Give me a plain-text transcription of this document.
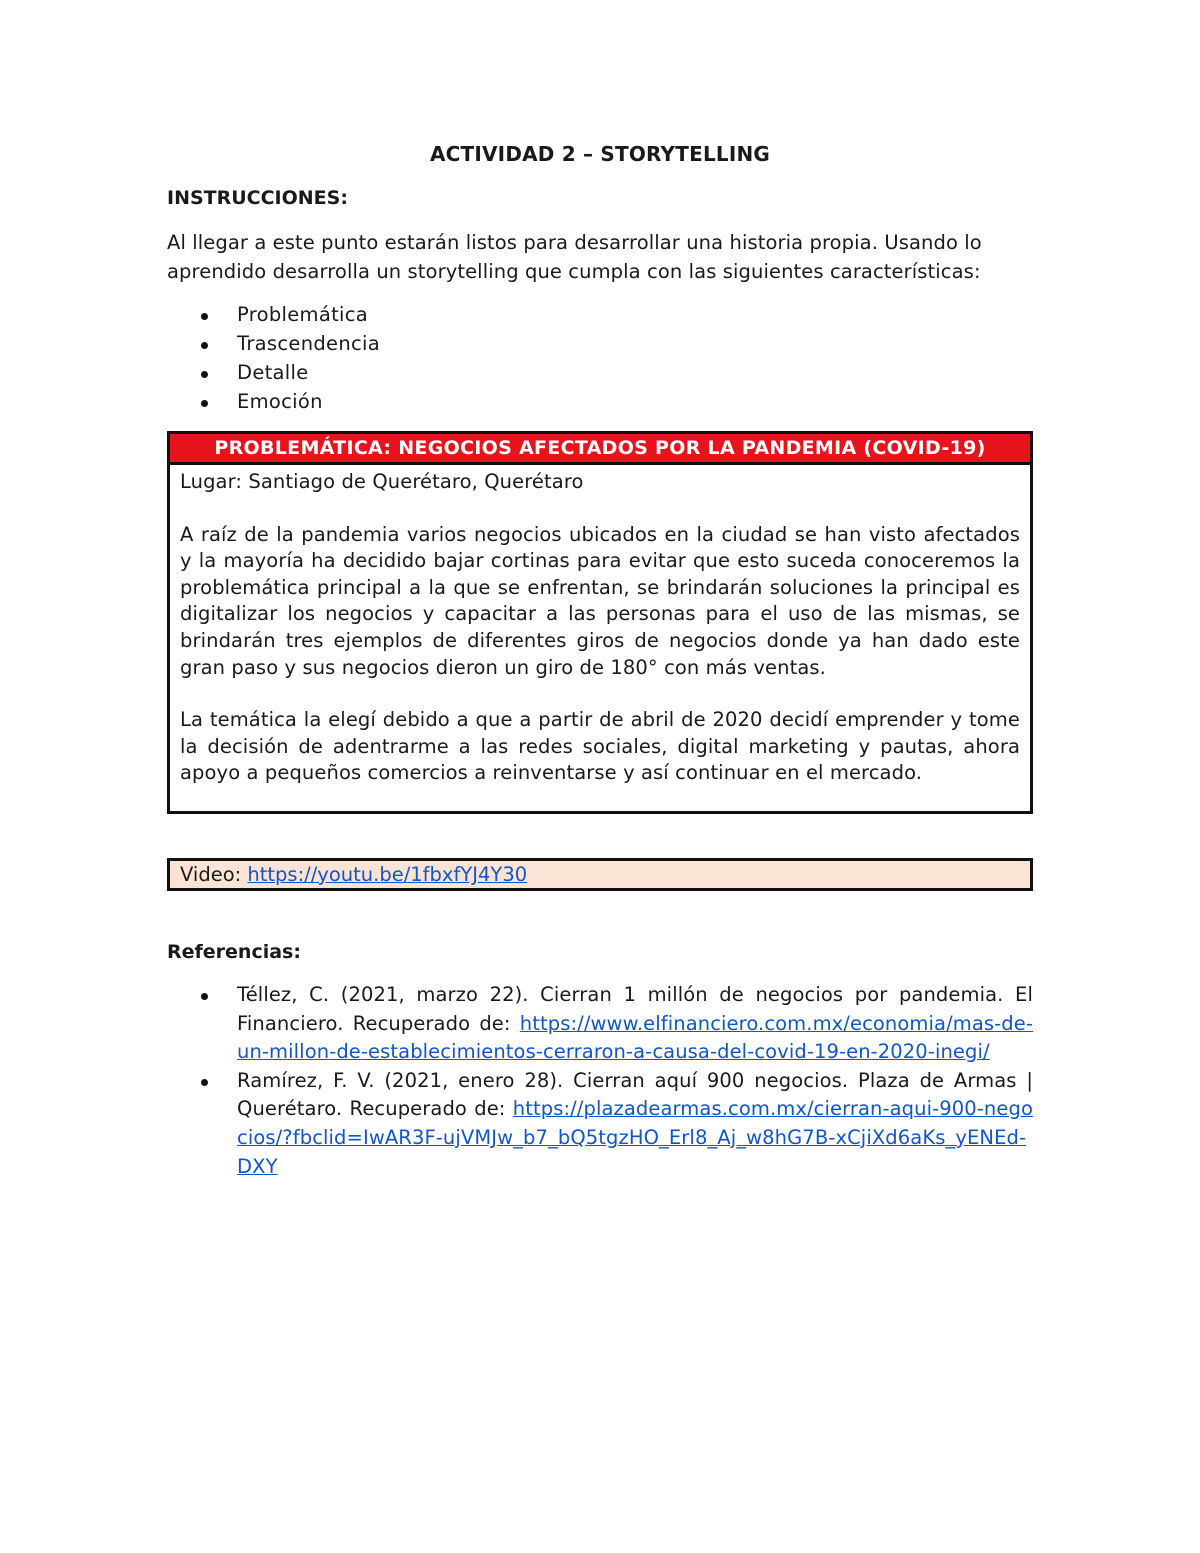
ACTIVIDAD 2 – STORYTELLING
INSTRUCCIONES:

Al llegar a este punto estarán listos para desarrollar una historia propia. Usando lo aprendido desarrolla un storytelling que cumpla con las siguientes características:

Problemática
Trascendencia
Detalle
Emoción
PROBLEMÁTICA: NEGOCIOS AFECTADOS POR LA PANDEMIA (COVID-19)

Lugar: Santiago de Querétaro, Querétaro

A raíz de la pandemia varios negocios ubicados en la ciudad se han visto afectados y la mayoría ha decidido bajar cortinas para evitar que esto suceda conoceremos la problemática principal a la que se enfrentan, se brindarán soluciones la principal es digitalizar los negocios y capacitar a las personas para el uso de las mismas, se brindarán tres ejemplos de diferentes giros de negocios donde ya han dado este gran paso y sus negocios dieron un giro de 180° con más ventas.

La temática la elegí debido a que a partir de abril de 2020 decidí emprender y tome la decisión de adentrarme a las redes sociales, digital marketing y pautas, ahora apoyo a pequeños comercios a reinventarse y así continuar en el mercado.

Video: https://youtu.be/1fbxfYJ4Y30
Referencias:
Téllez, C. (2021, marzo 22). Cierran 1 millón de negocios por pandemia. El Financiero. Recuperado de: https://www.elfinanciero.com.mx/economia/mas-de-un-millon-de-establecimientos-cerraron-a-causa-del-covid-19-en-2020-inegi/
Ramírez, F. V. (2021, enero 28). Cierran aquí 900 negocios. Plaza de Armas | Querétaro. Recuperado de: https://plazadearmas.com.mx/cierran-aqui-900-negocios/?fbclid=IwAR3F-ujVMJw_b7_bQ5tgzHO_Erl8_Aj_w8hG7B-xCjiXd6aKs_yENEd-DXY
